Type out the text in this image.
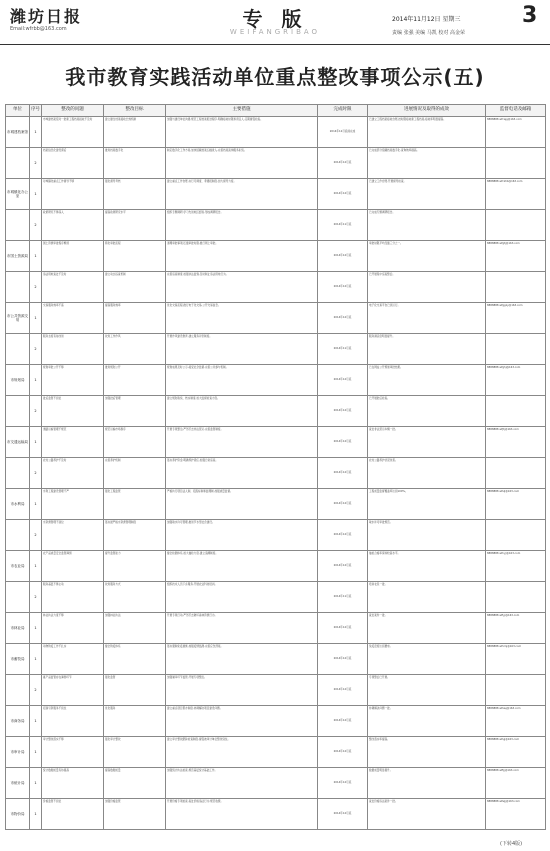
潍坊日报
Email:wfrbb@163.com	专 版
WEIFANGRIBAO
2014年11月12日 星期三
责编 张强 美编 马凯 校对 高金荣
3
我市教育实践活动单位重点整改事项公示(五)
单位	序号	整改的问题	整改目标	主要措施	完成时限	进展情况及取得的成效	监督电话及邮箱
市城建档案馆	1	市城建档案馆对一批新工程档案接收不及时	建立健全档案接收长效机制	加强与建设单位沟通,规范工程档案报送程序,明确接收时限和责任人,定期督促检查。	2014年12月底前完成	已建立工程档案接收台账,按时限接收新工程档案,接收率明显提高。	8888888 wfcajg@163.com
	2	档案信息化建设滞后	推进档案数字化	制定数字化工作方案,加快馆藏档案扫描录入,完善档案查询服务系统。	2014年12月底	已完成部分馆藏档案数字化,查询效率提高。	
市城镇化办公室	1	对城镇化重点工作督导不够	强化督导考核	建立重点工作台账,实行月调度、季通报制度,加大督导力度。	2014年12月底	已建立工作台账,开展督导检查。	8888888 wfczhb@163.com
	2	政策研究不够深入	提高政策研究水平	组织专题调研,学习先进地区经验,形成调研报告。	2014年11月底	已完成专题调研报告。	
市国土资源局	1	国土资源审批程序繁琐	简化审批流程	清理审批事项,压缩审批时限,推行网上审批。	2014年12月底	审批时限平均压缩三分之一。	8888888 wfgtj@163.com
	2	违法用地查处不及时	建立动态巡查机制	完善巡查制度,加强执法监察,及时制止违法用地行为。	2014年12月底	已开展集中巡查整治。	
市公共资源交易	1	交易服务效率不高	提高服务效率	优化交易流程,推行电子化交易,公开交易信息。	2014年12月底	电子化交易平台已试运行。	8888888 wfggzy@163.com
	2	服务态度有待改进	改进工作作风	开展作风建设教育,建立服务评价制度。	2014年11月底	服务满意度明显提升。	
市规划局	1	规划审批公开不够	推进规划公开	规划成果及时公示,接受社会监督,完善公众参与机制。	2014年12月底	已在网站公开规划审批结果。	8888888 wfghj@163.com
	2	批后监管不到位	加强批后管理	建立规划验线、核实制度,加大监督检查力度。	2014年12月底	已开展批后检查。	
市交通运输局	1	道路运输管理不规范	规范运输市场秩序	开展专项整治,严厉打击非法营运,完善监管制度。	2014年12月底	查处非法营运车辆一批。	8888888 wfjtj@163.com
	2	农村公路养护不及时	完善养护机制	落实养护资金,明确养护责任,加强日常巡查。	2014年12月底	农村公路养护状况改善。	
市水利局	1	水利工程建设管理不严	强化工程监管	严格执行项目法人制、招投标制和监理制,加强质量监督。	2014年12月底	工程质量监督覆盖率达到100%。	8888888 wfslj@163.com
	2	水资源管理不到位	落实最严格水资源管理制度	加强取水许可管理,推进节水型社会建设。	2014年12月底	取水许可审批规范。	
市农业局	1	农产品质量安全监管薄弱	提升监管能力	健全检测体系,加大抽检力度,建立追溯制度。	2014年12月底	抽检合格率保持较高水平。	8888888 wfnyj@163.com
	2	服务基层不够主动	改进服务方式	组织技术人员下乡服务,开展农业科技培训。	2014年11月底	培训农民一批。	
市林业局	1	林业执法力度不够	加强林业执法	开展专项行动,严厉打击破坏森林资源行为。	2014年12月底	查处案件一批。	8888888 wflyj@163.com
市畜牧局	1	动物防疫工作不扎实	健全防疫体系	落实强制免疫措施,加强疫情监测,完善应急预案。	2014年12月底	免疫密度达到要求。	8888888 wfxmj@163.com
	2	畜产品监管存在薄弱环节	强化监管	加强屠宰环节监管,开展专项整治。	2014年12月底	专项整治已开展。	
市商务局	1	招商引资服务不到位	优化服务	建立重点项目帮办制度,协调解决项目建设问题。	2014年12月底	协调解决问题一批。	8888888 wfswj@163.com
市审计局	1	审计整改落实不够	强化审计整改	建立审计整改跟踪检查制度,督促被审计单位整改到位。	2014年12月底	整改落实率提高。	8888888 wfsjj@163.com
市统计局	1	统计数据质量有待提高	提高数据质量	加强统计执法检查,规范基层统计基础工作。	2014年12月底	数据质量明显提升。	8888888 wftjj@163.com
市物价局	1	价格监管不到位	加强价格监管	开展价格专项检查,查处价格违法行为,规范收费。	2014年12月底	查处价格违法案件一批。	8888888 wfwjj@163.com
(下转4版)
